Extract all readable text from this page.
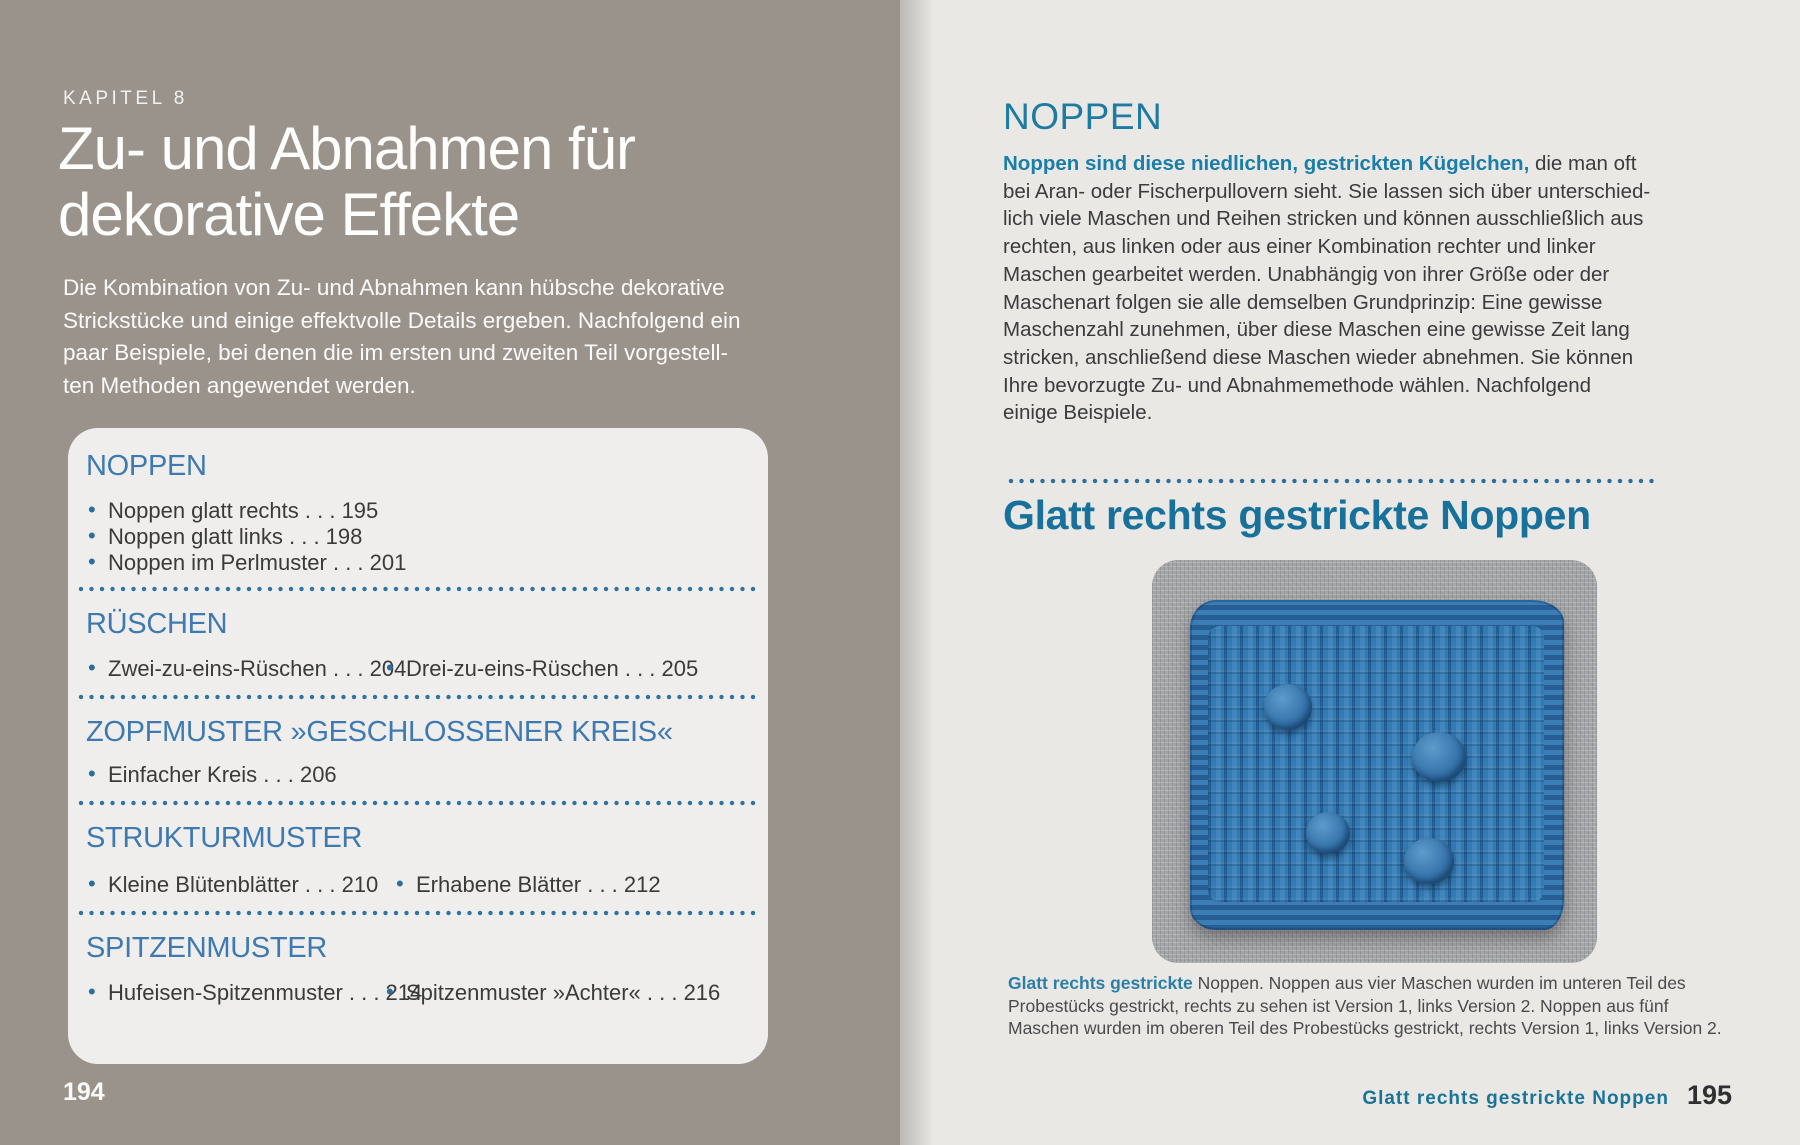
KAPITEL 8
Zu- und Abnahmen für
dekorative Effekte
Die Kombination von Zu- und Abnahmen kann hübsche dekorative
Strickstücke und einige effektvolle Details ergeben. Nachfolgend ein
paar Beispiele, bei denen die im ersten und zweiten Teil vorgestell-
ten Methoden angewendet werden.
NOPPEN
• Noppen glatt rechts . . . 195
• Noppen glatt links . . . 198
• Noppen im Perlmuster . . . 201
RÜSCHEN
• Zwei-zu-eins-Rüschen . . . 204 • Drei-zu-eins-Rüschen . . . 205
ZOPFMUSTER »GESCHLOSSENER KREIS«
• Einfacher Kreis . . . 206
STRUKTURMUSTER
• Kleine Blütenblätter . . . 210	• Erhabene Blätter . . . 212
SPITZENMUSTER
• Hufeisen-Spitzenmuster . . . 214
• Spitzenmuster »Achter« . . . 216
194
NOPPEN
Noppen sind diese niedlichen, gestrickten Kügelchen, die man oft
bei Aran- oder Fischerpullovern sieht. Sie lassen sich über unterschied-
lich viele Maschen und Reihen stricken und können ausschließlich aus
rechten, aus linken oder aus einer Kombination rechter und linker
Maschen gearbeitet werden. Unabhängig von ihrer Größe oder der
Maschenart folgen sie alle demselben Grundprinzip: Eine gewisse
Maschenzahl zunehmen, über diese Maschen eine gewisse Zeit lang
stricken, anschließend diese Maschen wieder abnehmen. Sie können
Ihre bevorzugte Zu- und Abnahmemethode wählen. Nachfolgend
einige Beispiele.
Glatt rechts gestrickte Noppen
Glatt rechts gestrickte Noppen. Noppen aus vier Maschen wurden im unteren Teil des
Probestücks gestrickt, rechts zu sehen ist Version 1, links Version 2. Noppen aus fünf
Maschen wurden im oberen Teil des Probestücks gestrickt, rechts Version 1, links Version 2.
Glatt rechts gestrickte Noppen 195
